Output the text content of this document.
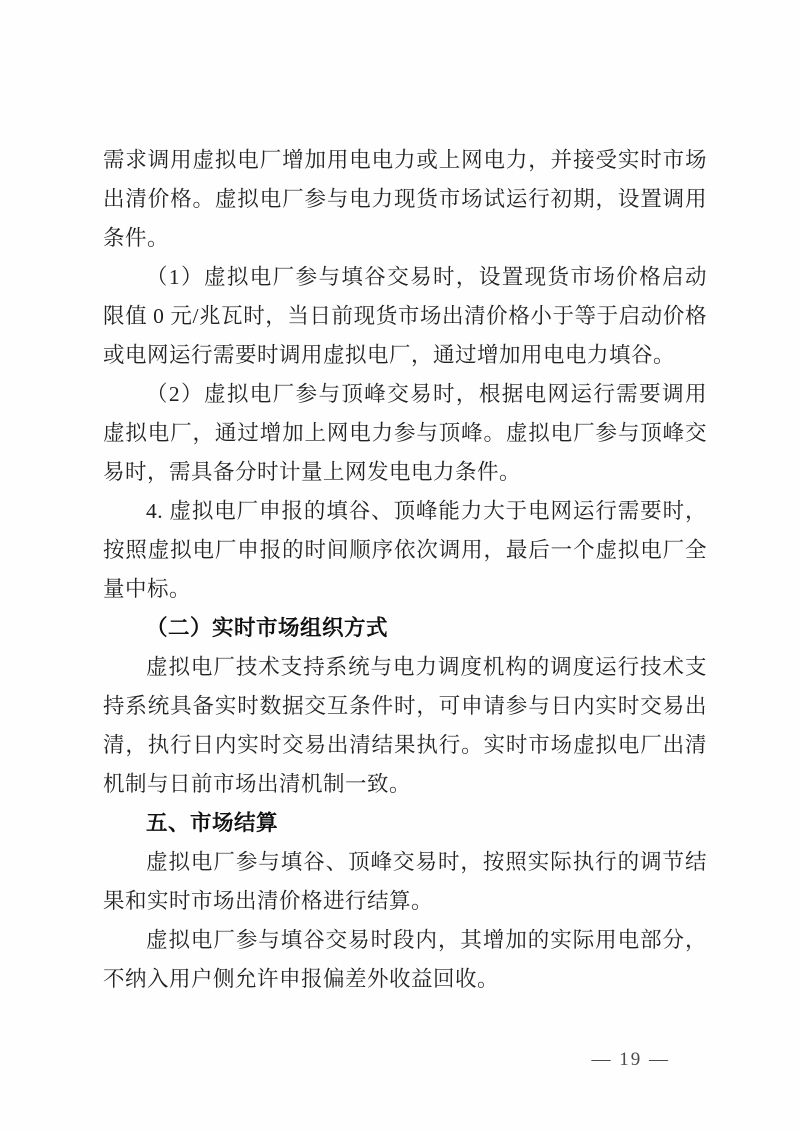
需求调用虚拟电厂增加用电电力或上网电力，并接受实时市场出清价格。虚拟电厂参与电力现货市场试运行初期，设置调用条件。

（1）虚拟电厂参与填谷交易时，设置现货市场价格启动限值 0 元/兆瓦时，当日前现货市场出清价格小于等于启动价格或电网运行需要时调用虚拟电厂，通过增加用电电力填谷。

（2）虚拟电厂参与顶峰交易时，根据电网运行需要调用虚拟电厂，通过增加上网电力参与顶峰。虚拟电厂参与顶峰交易时，需具备分时计量上网发电电力条件。

4. 虚拟电厂申报的填谷、顶峰能力大于电网运行需要时，按照虚拟电厂申报的时间顺序依次调用，最后一个虚拟电厂全量中标。

（二）实时市场组织方式

虚拟电厂技术支持系统与电力调度机构的调度运行技术支持系统具备实时数据交互条件时，可申请参与日内实时交易出清，执行日内实时交易出清结果执行。实时市场虚拟电厂出清机制与日前市场出清机制一致。

五、市场结算

虚拟电厂参与填谷、顶峰交易时，按照实际执行的调节结果和实时市场出清价格进行结算。

虚拟电厂参与填谷交易时段内，其增加的实际用电部分，不纳入用户侧允许申报偏差外收益回收。

— 19 —
